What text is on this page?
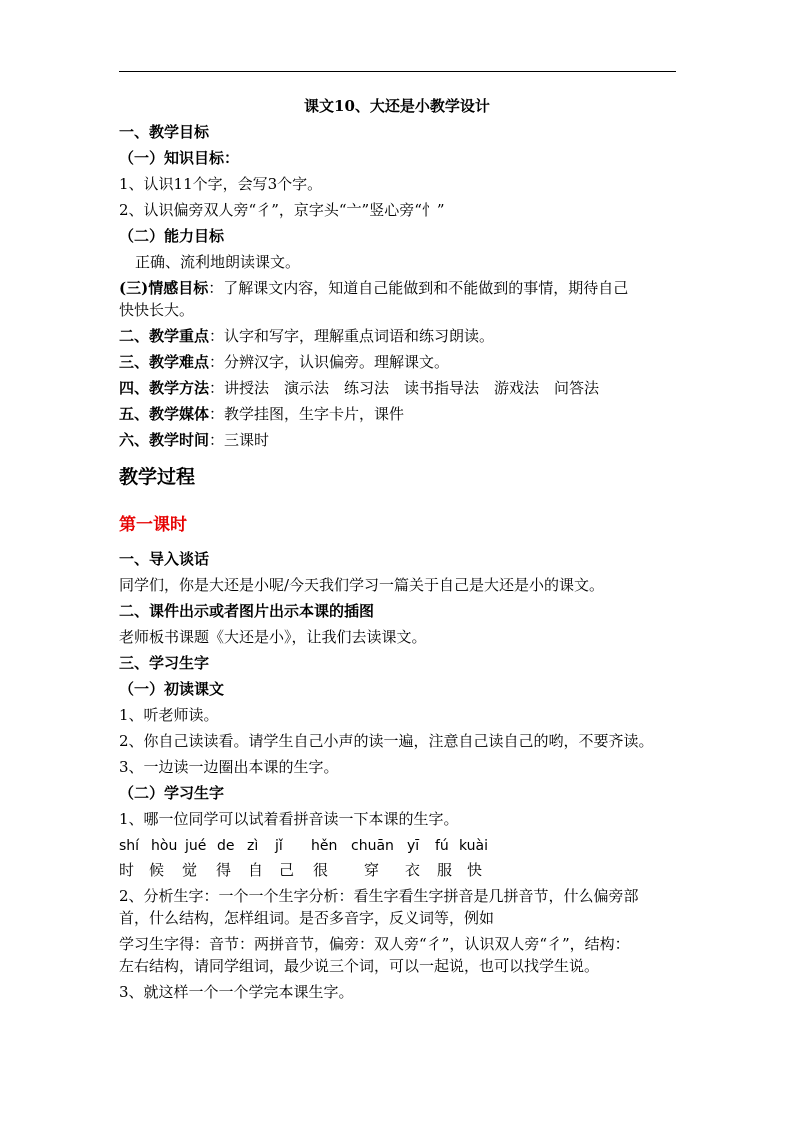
课文10、大还是小教学设计
一、教学目标
（一）知识目标：
1、认识11个字，会写3个字。
2、认识偏旁双人旁“彳”，京字头“亠”竖心旁“忄”
（二）能力目标
正确、流利地朗读课文。
(三)情感目标：了解课文内容，知道自己能做到和不能做到的事情，期待自己
快快长大。
二、教学重点：认字和写字，理解重点词语和练习朗读。
三、教学难点：分辨汉字，认识偏旁。理解课文。
四、教学方法：讲授法　演示法　练习法　读书指导法　游戏法　问答法
五、教学媒体：教学挂图，生字卡片，课件
六、教学时间：三课时
教学过程
第一课时
一、导入谈话
同学们，你是大还是小呢/今天我们学习一篇关于自己是大还是小的课文。
二、课件出示或者图片出示本课的插图
老师板书课题《大还是小》，让我们去读课文。
三、学习生字
（一）初读课文
1、听老师读。
2、你自己读读看。请学生自己小声的读一遍，注意自己读自己的哟，不要齐读。
3、一边读一边圈出本课的生字。
（二）学习生字
1、哪一位同学可以试着看拼音读一下本课的生字。
shí hòu jué de zì	jǐ	hěn chuān yī	fú kuài
时 候	觉	得	自	己	很	穿	衣	服 快
2、分析生字：一个一个生字分析：看生字看生字拼音是几拼音节，什么偏旁部
首，什么结构，怎样组词。是否多音字，反义词等，例如
学习生字得：音节：两拼音节，偏旁：双人旁“彳”，认识双人旁“彳”，结构：
左右结构，请同学组词，最少说三个词，可以一起说，也可以找学生说。
3、就这样一个一个学完本课生字。
